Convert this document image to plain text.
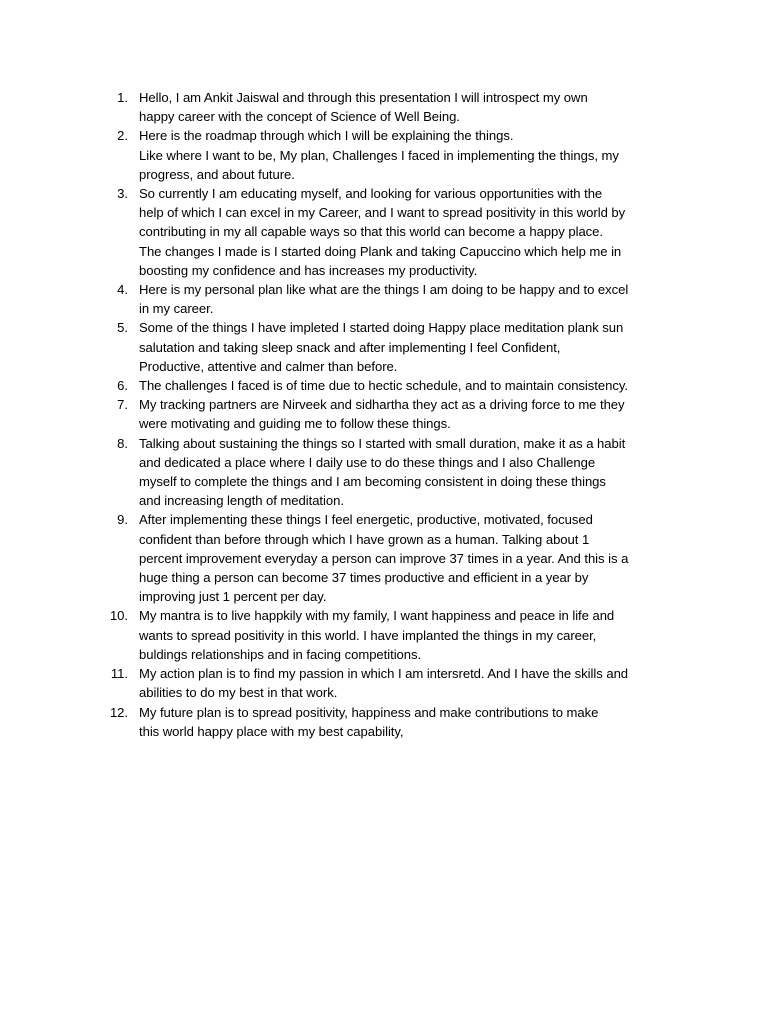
1. Hello, I am Ankit Jaiswal and through this presentation I will introspect my own
happy career with the concept of Science of Well Being.
2. Here is the roadmap through which I will be explaining the things.
Like where I want to be, My plan, Challenges I faced in implementing the things, my
progress, and about future.
3. So currently I am educating myself, and looking for various opportunities with the
help of which I can excel in my Career, and I want to spread positivity in this world by
contributing in my all capable ways so that this world can become a happy place.
The changes I made is I started doing Plank and taking Capuccino which help me in
boosting my confidence and has increases my productivity.
4. Here is my personal plan like what are the things I am doing to be happy and to excel
in my career.
5. Some of the things I have impleted I started doing Happy place meditation plank sun
salutation and taking sleep snack and after implementing I feel Confident,
Productive, attentive and calmer than before.
6. The challenges I faced is of time due to hectic schedule, and to maintain consistency.
7. My tracking partners are Nirveek and sidhartha they act as a driving force to me they
were motivating and guiding me to follow these things.
8. Talking about sustaining the things so I started with small duration, make it as a habit
and dedicated a place where I daily use to do these things and I also Challenge
myself to complete the things and I am becoming consistent in doing these things
and increasing length of meditation.
9. After implementing these things I feel energetic, productive, motivated, focused
confident than before through which I have grown as a human. Talking about 1
percent improvement everyday a person can improve 37 times in a year. And this is a
huge thing a person can become 37 times productive and efficient in a year by
improving just 1 percent per day.
10. My mantra is to live happkily with my family, I want happiness and peace in life and
wants to spread positivity in this world. I have implanted the things in my career,
buldings relationships and in facing competitions.
11. My action plan is to find my passion in which I am intersretd. And I have the skills and
abilities to do my best in that work.
12. My future plan is to spread positivity, happiness and make contributions to make
this world happy place with my best capability,
